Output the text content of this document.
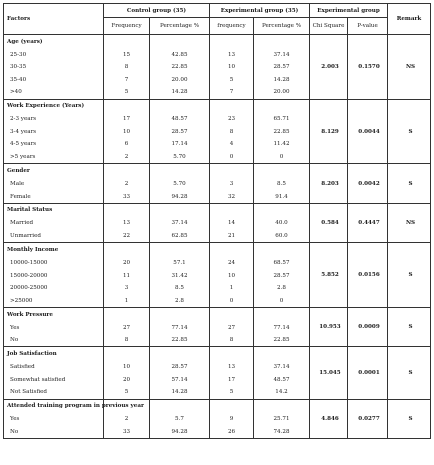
Factors	Control group (35)		Experimental group (35)		Experimental group		Remark
	Frequency	Percentage %	frequency	Percentage %	Chi Square	P-value	
Age (years)					2.003	0.1570	NS
25-30	15	42.85	13	37.14			
30-35	8	22.85	10	28.57			
35-40	7	20.00	5	14.28			
>40	5	14.28	7	20.00			
Work Experience (Years)					8.129	0.0044	S
2-3 years	17	48.57	23	65.71			
3-4 years	10	28.57	8	22.85			
4-5 years	6	17.14	4	11.42			
>5 years	2	5.70	0	0			
Gender					8.203	0.0042	S
Male	2	5.70	3	8.5			
Female	33	94.28	32	91.4			
Marital Status					0.584	0.4447	NS
Married	13	37.14	14	40.0			
Unmarried	22	62.85	21	60.0			
Monthly Income					5.852	0.0156	S
10000-15000	20	57.1	24	68.57			
15000-20000	11	31.42	10	28.57			
20000-25000	3	8.5	1	2.8			
>25000	1	2.8	0	0			
Work Pressure					10.953	0.0009	S
Yes	27	77.14	27	77.14			
No	8	22.85	8	22.85			
Job Satisfaction					15.045	0.0001	S
Satisfied	10	28.57	13	37.14			
Somewhat satisfied	20	57.14	17	48.57			
Not Satisfied	5	14.28	5	14.2			
Attended training program in previous year					4.846	0.0277	S
Yes	2	5.7	9	25.71			
No	33	94.28	26	74.28			
